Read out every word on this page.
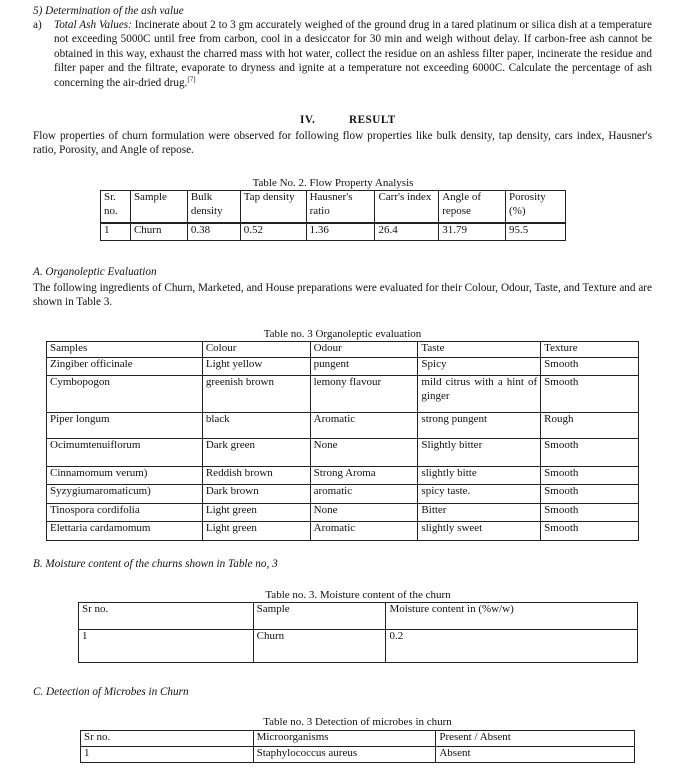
5) Determination of the ash value
a) Total Ash Values: Incinerate about 2 to 3 gm accurately weighed of the ground drug in a tared platinum or silica dish at a temperature not exceeding 5000C until free from carbon, cool in a desiccator for 30 min and weigh without delay. If carbon-free ash cannot be obtained in this way, exhaust the charred mass with hot water, collect the residue on an ashless filter paper, incinerate the residue and filter paper and the filtrate, evaporate to dryness and ignite at a temperature not exceeding 6000C. Calculate the percentage of ash concerning the air-dried drug.[7]
IV.	RESULT
Flow properties of churn formulation were observed for following flow properties like bulk density, tap density, cars index, Hausner's ratio, Porosity, and Angle of repose.
Table No. 2. Flow Property Analysis
Sr. no.	Sample	Bulk density	Tap density	Hausner's ratio	Carr's index	Angle of repose	Porosity (%)
1	Churn	0.38	0.52	1.36	26.4	31.79	95.5
A. Organoleptic Evaluation
The following ingredients of Churn, Marketed, and House preparations were evaluated for their Colour, Odour, Taste, and Texture and are shown in Table 3.
Table no. 3 Organoleptic evaluation
Samples	Colour	Odour	Taste	Texture
Zingiber officinale	Light yellow	pungent	Spicy	Smooth
Cymbopogon	greenish brown	lemony flavour	mild citrus with a hint of ginger	Smooth
Piper longum	black	Aromatic	strong pungent	Rough
Ocimumtenuiflorum	Dark green	None	Slightly bitter	Smooth
Cinnamomum verum)	Reddish brown	Strong Aroma	slightly bitte	Smooth
Syzygiumaromaticum)	Dark brown	aromatic	spicy taste.	Smooth
Tinospora cordifolia	Light green	None	Bitter	Smooth
Elettaria cardamomum	Light green	Aromatic	slightly sweet	Smooth
B. Moisture content of the churns shown in Table no, 3
Table no. 3. Moisture content of the churn
Sr no.	Sample	Moisture content in (%w/w)
1	Churn	0.2
C. Detection of Microbes in Churn
Table no. 3 Detection of microbes in churn
Sr no.	Microorganisms	Present / Absent
1	Staphylococcus aureus	Absent
